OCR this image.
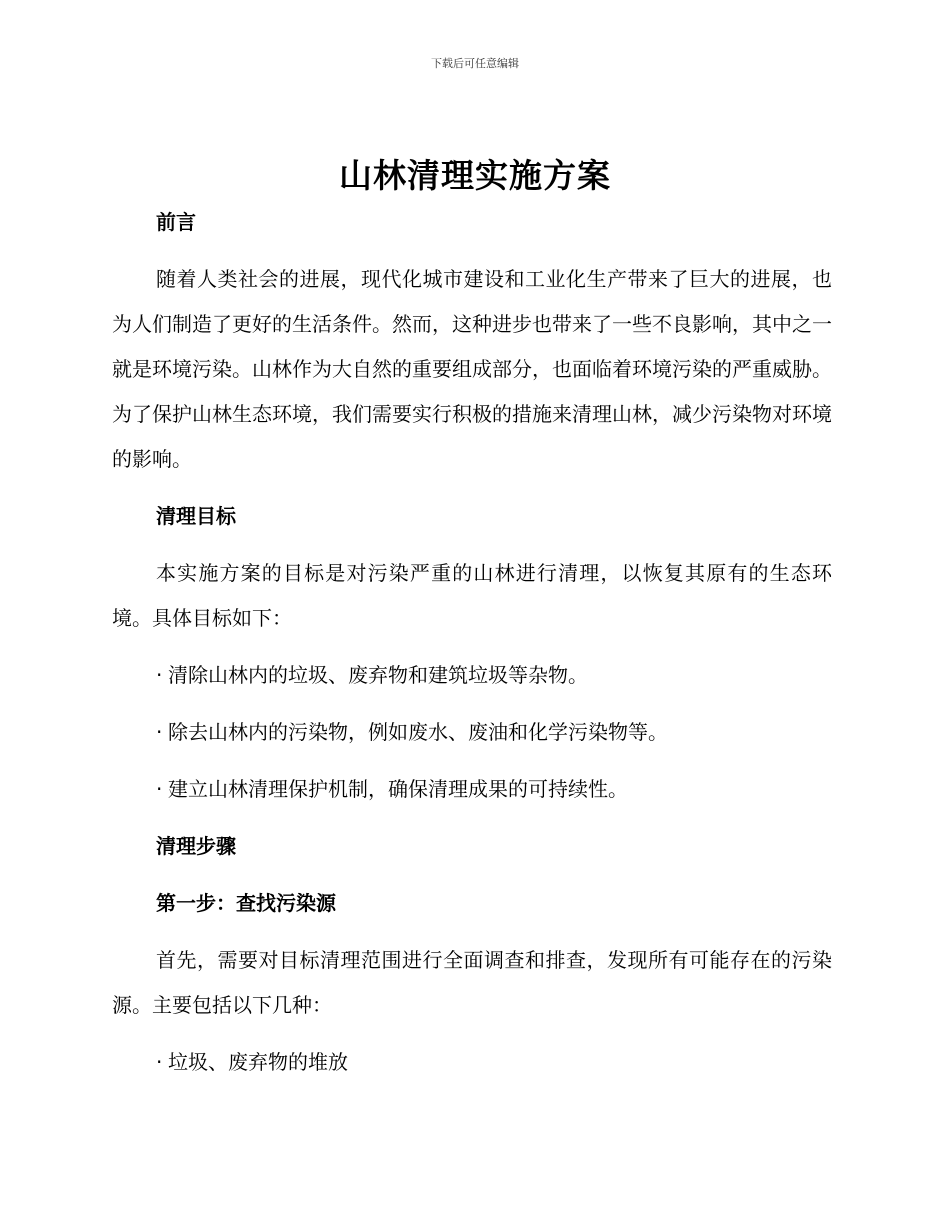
下载后可任意编辑
山林清理实施方案
前言
随着人类社会的进展，现代化城市建设和工业化生产带来了巨大的进展，也为人们制造了更好的生活条件。然而，这种进步也带来了一些不良影响，其中之一就是环境污染。山林作为大自然的重要组成部分，也面临着环境污染的严重威胁。为了保护山林生态环境，我们需要实行积极的措施来清理山林，减少污染物对环境的影响。
清理目标
本实施方案的目标是对污染严重的山林进行清理，以恢复其原有的生态环境。具体目标如下：
· 清除山林内的垃圾、废弃物和建筑垃圾等杂物。
· 除去山林内的污染物，例如废水、废油和化学污染物等。
· 建立山林清理保护机制，确保清理成果的可持续性。
清理步骤
第一步：查找污染源
首先，需要对目标清理范围进行全面调查和排查，发现所有可能存在的污染源。主要包括以下几种：
· 垃圾、废弃物的堆放
